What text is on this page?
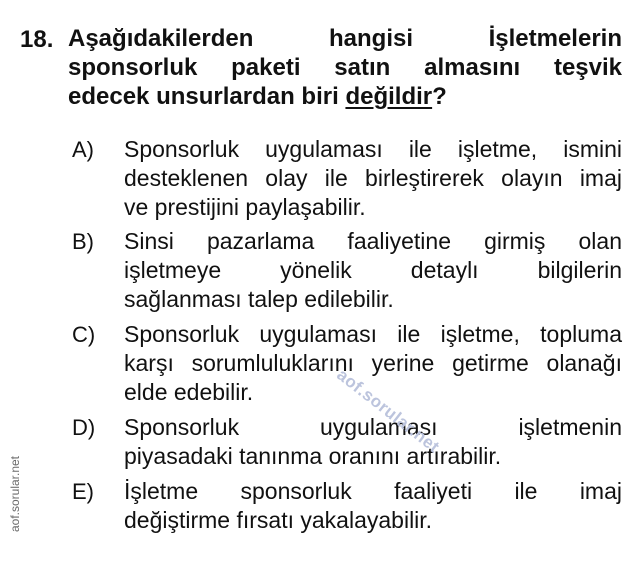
18. Aşağıdakilerden hangisi İşletmelerin
sponsorluk paketi satın almasını teşvik
edecek unsurlardan biri değildir?
A) Sponsorluk uygulaması ile işletme, ismini
desteklenen olay ile birleştirerek olayın imaj
ve prestijini paylaşabilir.
B) Sinsi pazarlama faaliyetine girmiş olan
işletmeye yönelik detaylı bilgilerin
sağlanması talep edilebilir.
C) Sponsorluk uygulaması ile işletme, topluma
karşı sorumluluklarını yerine getirme olanağı
elde edebilir.
D) Sponsorluk uygulaması işletmenin
piyasadaki tanınma oranını artırabilir.
E) İşletme sponsorluk faaliyeti ile imaj
değiştirme fırsatı yakalayabilir.
aof.sorular.net
aof.sorular.net
